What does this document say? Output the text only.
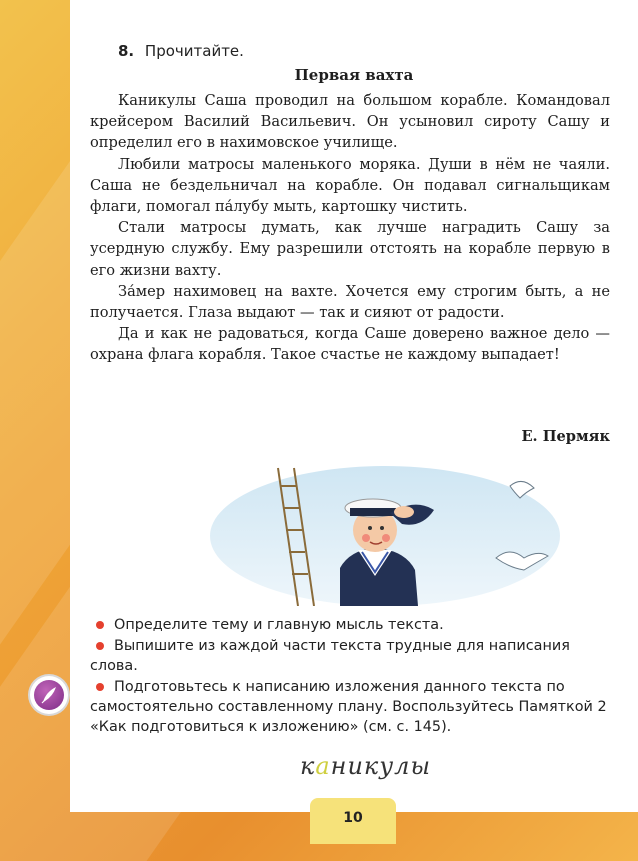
8. Прочитайте.
Первая вахта

Каникулы Саша проводил на большом корабле. Командовал крейсером Василий Васильевич. Он усыновил сироту Сашу и определил его в нахимовское училище.

Любили матросы маленького моряка. Души в нём не чаяли. Саша не бездельничал на корабле. Он подавал сигнальщикам флаги, помогал па́лубу мыть, картошку чистить.

Стали матросы думать, как лучше наградить Сашу за усердную службу. Ему разрешили отстоять на корабле первую в его жизни вахту.

За́мер нахимовец на вахте. Хочется ему строгим быть, а не получается. Глаза выдают — так и сияют от радости.

Да и как не радоваться, когда Саше доверено важное дело — охрана флага корабля. Такое счастье не каждому выпадает!

Е. Пермяк
Определите тему и главную мысль текста.
Выпишите из каждой части текста трудные для написания слова.
Подготовьтесь к написанию изложения данного текста по самостоятельно составленному плану. Воспользуйтесь Памяткой 2 «Как подготовиться к изложению» (см. с. 145).
каникулы
10
